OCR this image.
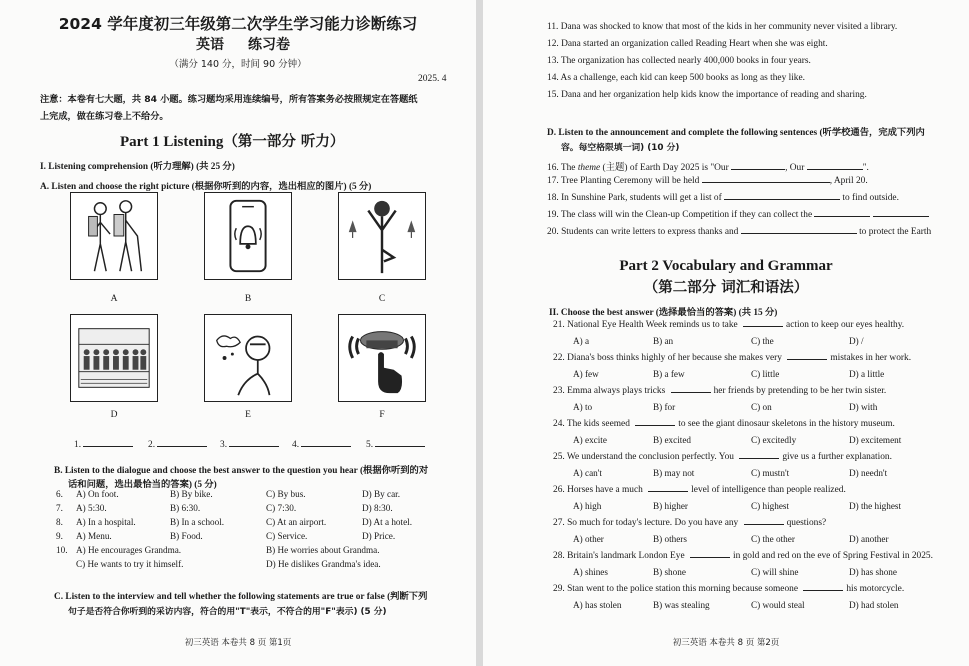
2024 学年度初三年级第二次学生学习能力诊断练习
英语 练习卷
（满分 140 分，时间 90 分钟）
2025. 4
注意：本卷有七大题，共 84 小题。练习题均采用连续编号，所有答案务必按照规定在答题纸
上完成，做在练习卷上不给分。
Part 1 Listening（第一部分 听力）
I. Listening comprehension (听力理解) (共 25 分)
A. Listen and choose the right picture (根据你听到的内容，选出相应的图片) (5 分)
A	B	C
D	E	F
1.	2.	3.	4.	5.
B. Listen to the dialogue and choose the best answer to the question you hear (根据你听到的对
话和问题，选出最恰当的答案) (5 分)
6. A) On foot.	B) By bike.	C) By bus.	D) By car.
7. A) 5:30.	B) 6:30.	C) 7:30.	D) 8:30.
8. A) In a hospital.	B) In a school.	C) At an airport.	D) At a hotel.
9. A) Menu.	B) Food.	C) Service.	D) Price.
10. A) He encourages Grandma.	B) He worries about Grandma.
C) He wants to try it himself.	D) He dislikes Grandma's idea.
C. Listen to the interview and tell whether the following statements are true or false (判断下列
句子是否符合你听到的采访内容，符合的用"T"表示，不符合的用"F"表示) (5 分)
初三英语 本卷共 8 页 第1页
11. Dana was shocked to know that most of the kids in her community never visited a library.
12. Dana started an organization called Reading Heart when she was eight.
13. The organization has collected nearly 400,000 books in four years.
14. As a challenge, each kid can keep 500 books as long as they like.
15. Dana and her organization help kids know the importance of reading and sharing.
D. Listen to the announcement and complete the following sentences (听学校通告，完成下列内
容。每空格限填一词) (10 分)
16. The theme (主题) of Earth Day 2025 is "Our	, Our	".
17. Tree Planting Ceremony will be held	, April 20.
18. In Sunshine Park, students will get a list of	to find outside.
19. The class will win the Clean-up Competition if they can collect the
20. Students can write letters to express thanks and	to protect the Earth
Part 2 Vocabulary and Grammar
（第二部分 词汇和语法）
II. Choose the best answer (选择最恰当的答案) (共 15 分)
21. National Eye Health Week reminds us to take	action to keep our eyes healthy.
A) a	B) an	C) the	D) /
22. Diana's boss thinks highly of her because she makes very	mistakes in her work.
A) few	B) a few	C) little	D) a little
23. Emma always plays tricks	her friends by pretending to be her twin sister.
A) to	B) for	C) on	D) with
24. The kids seemed	to see the giant dinosaur skeletons in the history museum.
A) excite	B) excited	C) excitedly	D) excitement
25. We understand the conclusion perfectly. You	give us a further explanation.
A) can't	B) may not	C) mustn't	D) needn't
26. Horses have a much	level of intelligence than people realized.
A) high	B) higher	C) highest	D) the highest
27. So much for today's lecture. Do you have any	questions?
A) other	B) others	C) the other	D) another
28. Britain's landmark London Eye	in gold and red on the eve of Spring Festival in 2025.
A) shines	B) shone	C) will shine	D) has shone
29. Stan went to the police station this morning because someone	his motorcycle.
A) has stolen	B) was stealing	C) would steal	D) had stolen
初三英语 本卷共 8 页 第2页
